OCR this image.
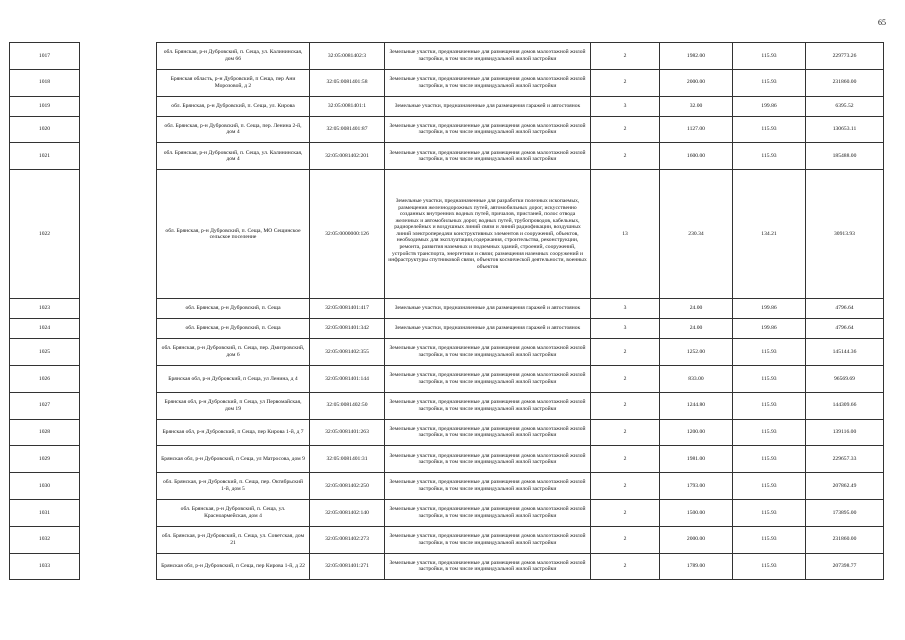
65
1017		обл. Брянская, р-н Дубровский, п. Сеща, ул. Калининская, дом 66	32:05:0081402:3	Земельные участки, предназначенные для размещения домов малоэтажной жилой застройки, в том числе индивидуальной жилой застройки	2	1982.00	115.93	229773.26
1018		Брянская область, р-н Дубровский, п Сеща, пер Ани Морозовой, д 2	32:05:0081401:58	Земельные участки, предназначенные для размещения домов малоэтажной жилой застройки, в том числе индивидуальной жилой застройки	2	2000.00	115.93	231860.00
1019		обл. Брянская, р-н Дубровский, п. Сеща, ул. Кирова	32:05:0081401:1	Земельные участки, предназначенные для размещения гаражей и автостоянок	3	32.00	199.86	6395.52
1020		обл. Брянская, р-н Дубровский, п. Сеща, пер. Ленина 2-й, дом 4	32:05:0081401:87	Земельные участки, предназначенные для размещения домов малоэтажной жилой застройки, в том числе индивидуальной жилой застройки	2	1127.00	115.93	130653.11
1021		обл. Брянская, р-н Дубровский, п. Сеща, ул. Калининская, дом 4	32:05:0081402:201	Земельные участки, предназначенные для размещения домов малоэтажной жилой застройки, в том числе индивидуальной жилой застройки	2	1600.00	115.93	185488.00
1022		обл. Брянская, р-н Дубровский, п. Сеща, МО Сещинское сельское поселение	32:05:0000000:126	Земельные участки, предназначенные для разработки полезных ископаемых, размещения железнодорожных путей, автомобильных дорог, искусственно созданных внутренних водных путей, причалов, пристаней, полос отвода железных и автомобильных дорог, водных путей, трубопроводов, кабельных, радиорелейных и воздушных линий связи и линий радиофикации, воздушных линий электропередачи конструктивных элементов и сооружений, объектов, необходимых для эксплуатации,содержания, строительства, реконструкции, ремонта, развития наземных и подземных зданий, строений, сооружений, устройств транспорта, энергетики и связи; размещения наземных сооружений и инфраструктуры спутниковой связи, объектов космической деятельности, военных объектов	13	230.34	134.21	30913.93
1023		обл. Брянская, р-н Дубровский, п. Сеща	32:05:0081401:417	Земельные участки, предназначенные для размещения гаражей и автостоянок	3	24.00	199.86	4796.64
1024		обл. Брянская, р-н Дубровский, п. Сеща	32:05:0081401:342	Земельные участки, предназначенные для размещения гаражей и автостоянок	3	24.00	199.86	4796.64
1025		обл. Брянская, р-н Дубровский, п. Сеща, пер. Дмитровский, дом 6	32:05:0081402:355	Земельные участки, предназначенные для размещения домов малоэтажной жилой застройки, в том числе индивидуальной жилой застройки	2	1252.00	115.93	145144.36
1026		Брянская обл, р-н Дубровский, п Сеща, ул Ленина, д 4	32:05:0081401:144	Земельные участки, предназначенные для размещения домов малоэтажной жилой застройки, в том числе индивидуальной жилой застройки	2	833.00	115.93	96569.69
1027		Брянская обл, р-н Дубровский, п Сеща, ул Первомайская, дом 19	32:05:0081402:50	Земельные участки, предназначенные для размещения домов малоэтажной жилой застройки, в том числе индивидуальной жилой застройки	2	1244.80	115.93	144309.66
1028		Брянская обл, р-н Дубровский, п Сеща, пер Кирова 1-й, д 7	32:05:0081401:263	Земельные участки, предназначенные для размещения домов малоэтажной жилой застройки, в том числе индивидуальной жилой застройки	2	1200.00	115.93	139116.00
1029		Брянская обл, р-н Дубровский, п Сеща, ул Матросова, дом 9	32:05:0081401:31	Земельные участки, предназначенные для размещения домов малоэтажной жилой застройки, в том числе индивидуальной жилой застройки	2	1981.00	115.93	229657.33
1030		обл. Брянская, р-н Дубровский, п. Сеща, пер. Октябрьский 1-й, дом 5	32:05:0081402:250	Земельные участки, предназначенные для размещения домов малоэтажной жилой застройки, в том числе индивидуальной жилой застройки	2	1793.00	115.93	207862.49
1031		обл. Брянская, р-н Дубровский, п. Сеща, ул. Красноармейская, дом 4	32:05:0081402:140	Земельные участки, предназначенные для размещения домов малоэтажной жилой застройки, в том числе индивидуальной жилой застройки	2	1500.00	115.93	173895.00
1032		обл. Брянская, р-н Дубровский, п. Сеща, ул. Советская, дом 21	32:05:0081402:273	Земельные участки, предназначенные для размещения домов малоэтажной жилой застройки, в том числе индивидуальной жилой застройки	2	2000.00	115.93	231860.00
1033		Брянская обл, р-н Дубровский, п Сеща, пер Кирова 1-й, д 22	32:05:0081401:271	Земельные участки, предназначенные для размещения домов малоэтажной жилой застройки, в том числе индивидуальной жилой застройки	2	1789.00	115.93	207398.77
